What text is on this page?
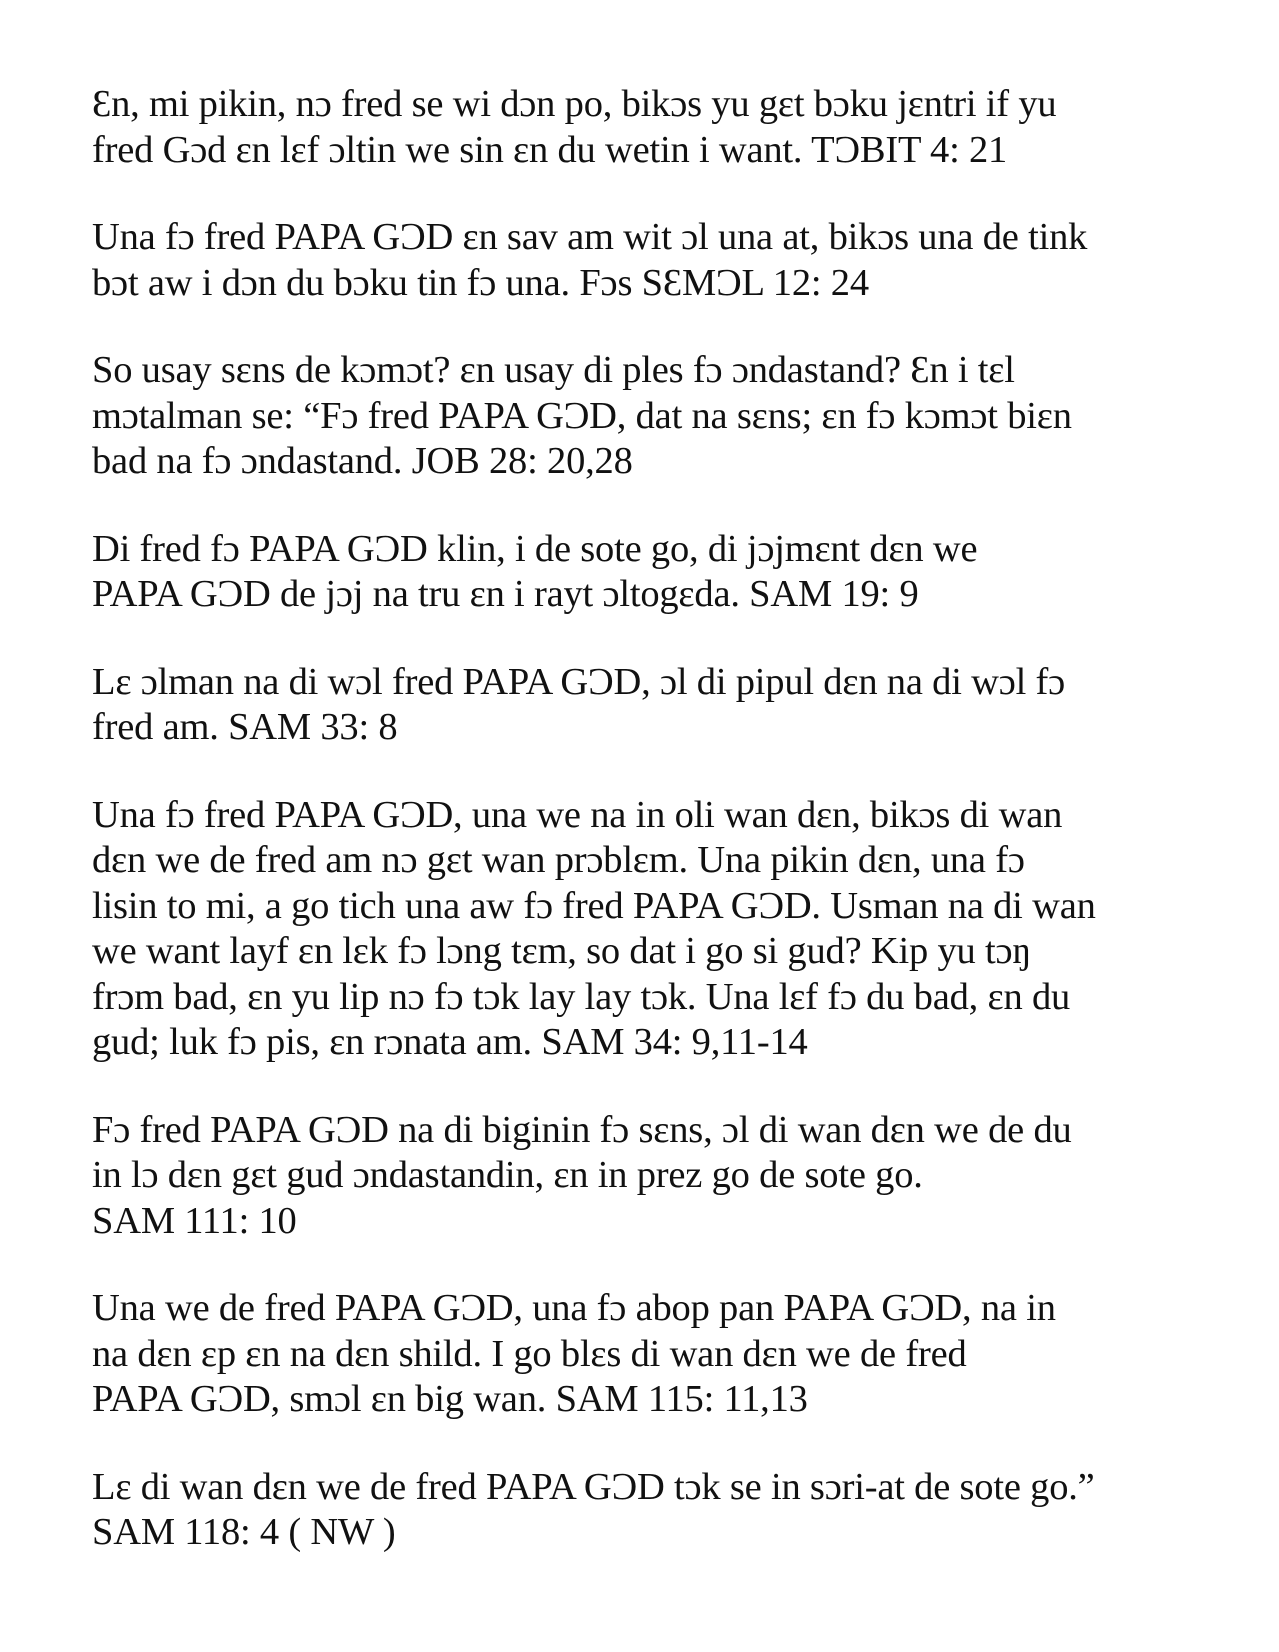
Ɛn, mi pikin, nɔ fred se wi dɔn po, bikɔs yu gɛt bɔku jɛntri if yu
fred Gɔd ɛn lɛf ɔltin we sin ɛn du wetin i want. TƆBIT 4: 21

Una fɔ fred PAPA GƆD ɛn sav am wit ɔl una at, bikɔs una de tink
bɔt aw i dɔn du bɔku tin fɔ una. Fɔs SƐMƆL 12: 24

So usay sɛns de kɔmɔt? ɛn usay di ples fɔ ɔndastand? Ɛn i tɛl
mɔtalman se: “Fɔ fred PAPA GƆD, dat na sɛns; ɛn fɔ kɔmɔt biɛn
bad na fɔ ɔndastand. JOB 28: 20,28

Di fred fɔ PAPA GƆD klin, i de sote go, di jɔjmɛnt dɛn we
PAPA GƆD de jɔj na tru ɛn i rayt ɔltogɛda. SAM 19: 9

Lɛ ɔlman na di wɔl fred PAPA GƆD, ɔl di pipul dɛn na di wɔl fɔ
fred am. SAM 33: 8

Una fɔ fred PAPA GƆD, una we na in oli wan dɛn, bikɔs di wan
dɛn we de fred am nɔ gɛt wan prɔblɛm. Una pikin dɛn, una fɔ
lisin to mi, a go tich una aw fɔ fred PAPA GƆD. Usman na di wan
we want layf ɛn lɛk fɔ lɔng tɛm, so dat i go si gud? Kip yu tɔŋ
frɔm bad, ɛn yu lip nɔ fɔ tɔk lay lay tɔk. Una lɛf fɔ du bad, ɛn du
gud; luk fɔ pis, ɛn rɔnata am. SAM 34: 9,11-14

Fɔ fred PAPA GƆD na di biginin fɔ sɛns, ɔl di wan dɛn we de du
in lɔ dɛn gɛt gud ɔndastandin, ɛn in prez go de sote go.
SAM 111: 10

Una we de fred PAPA GƆD, una fɔ abop pan PAPA GƆD, na in
na dɛn ɛp ɛn na dɛn shild. I go blɛs di wan dɛn we de fred
PAPA GƆD, smɔl ɛn big wan. SAM 115: 11,13

Lɛ di wan dɛn we de fred PAPA GƆD tɔk se in sɔri-at de sote go.”
SAM 118: 4 ( NW )
